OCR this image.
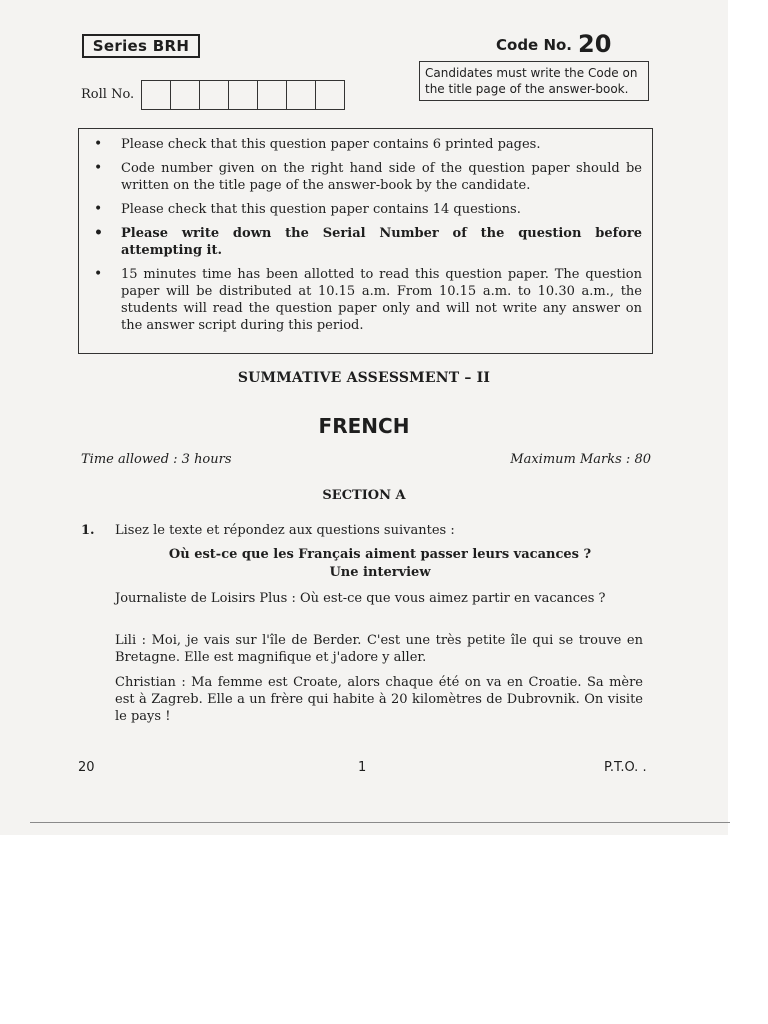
Series BRH	Code No. 20
Candidates must write the Code on the title page of the answer-book.
Roll No.
• Please check that this question paper contains 6 printed pages.
• Code number given on the right hand side of the question paper should be written on the title page of the answer-book by the candidate.
• Please check that this question paper contains 14 questions.
• Please write down the Serial Number of the question before attempting it.
• 15 minutes time has been allotted to read this question paper. The question paper will be distributed at 10.15 a.m. From 10.15 a.m. to 10.30 a.m., the students will read the question paper only and will not write any answer on the answer script during this period.
SUMMATIVE ASSESSMENT – II
FRENCH
Time allowed : 3 hours	Maximum Marks : 80
SECTION A
1. Lisez le texte et répondez aux questions suivantes :
Où est-ce que les Français aiment passer leurs vacances ?
Une interview

Journaliste de Loisirs Plus : Où est-ce que vous aimez partir en vacances ?

Lili : Moi, je vais sur l'île de Berder. C'est une très petite île qui se trouve en Bretagne. Elle est magnifique et j'adore y aller.

Christian : Ma femme est Croate, alors chaque été on va en Croatie. Sa mère est à Zagreb. Elle a un frère qui habite à 20 kilomètres de Dubrovnik. On visite le pays !

20	1	P.T.O. .
